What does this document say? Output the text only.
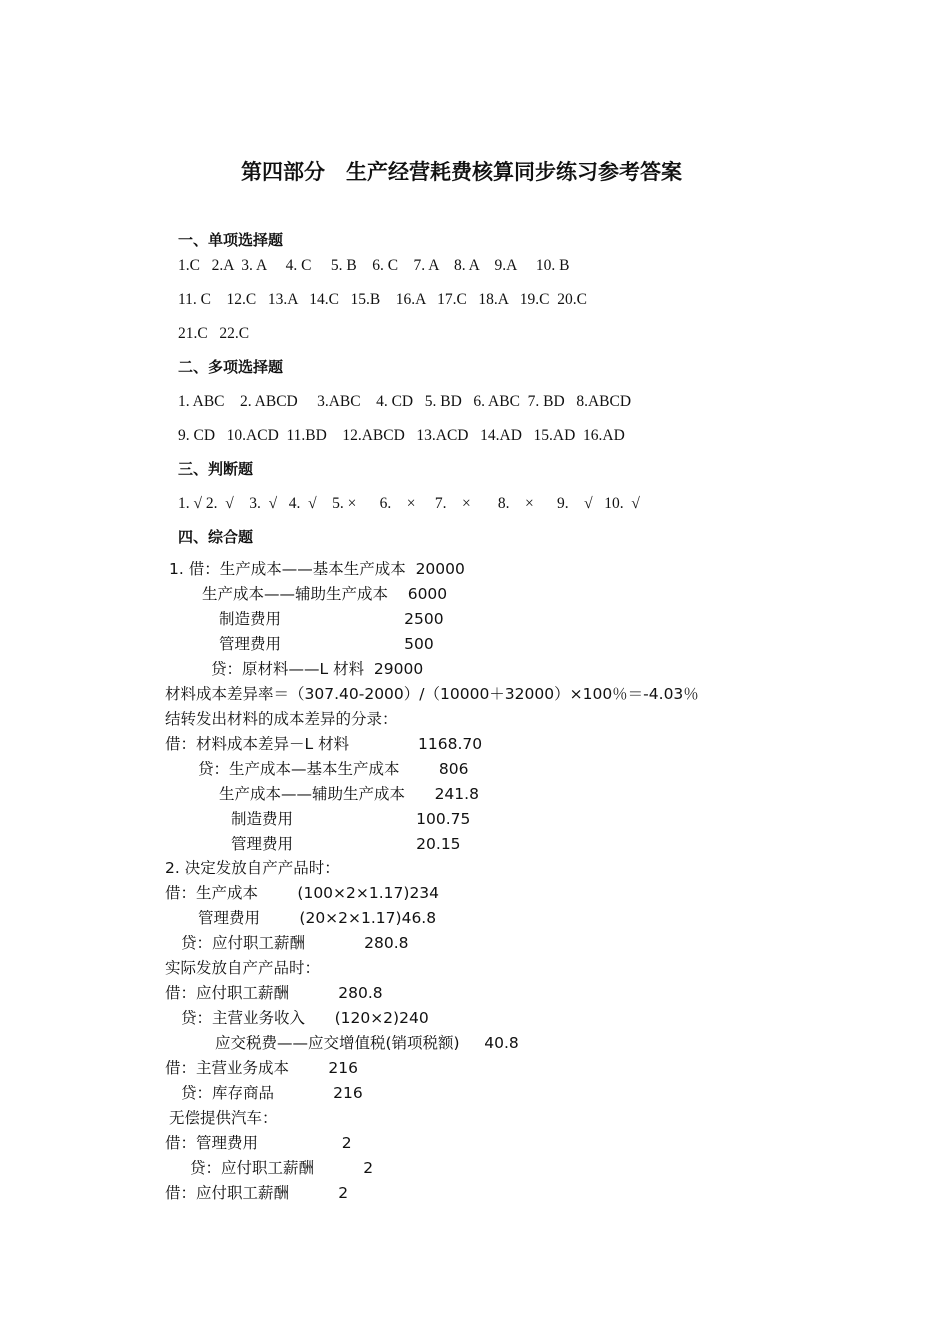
第四部分　生产经营耗费核算同步练习参考答案
一、单项选择题
1.C   2.A  3. A     4. C     5. B    6. C    7. A    8. A    9.A     10. B
11. C    12.C   13.A   14.C   15.B    16.A   17.C   18.A   19.C  20.C
21.C   22.C
二、多项选择题
1. ABC    2. ABCD     3.ABC    4. CD   5. BD   6. ABC  7. BD   8.ABCD
9. CD   10.ACD  11.BD    12.ABCD   13.ACD   14.AD   15.AD  16.AD
三、判断题
1. √ 2.  √    3.  √   4.  √    5. ×      6.    ×     7.    ×       8.    ×      9.    √   10.  √
四、综合题
1. 借：生产成本——基本生产成本  20000
生产成本——辅助生产成本    6000
制造费用                         2500
管理费用                         500
贷：原材料——L 材料  29000
材料成本差异率＝（307.40-2000）/（10000＋32000）×100％＝-4.03％
结转发出材料的成本差异的分录：
借：材料成本差异－L 材料              1168.70
贷：生产成本—基本生产成本        806
生产成本——辅助生产成本      241.8
制造费用                         100.75
管理费用                         20.15
2. 决定发放自产产品时：
借：生产成本        (100×2×1.17)234
管理费用        (20×2×1.17)46.8
贷：应付职工薪酬            280.8
实际发放自产产品时：
借：应付职工薪酬          280.8
贷：主营业务收入      (120×2)240
应交税费——应交增值税(销项税额)     40.8
借：主营业务成本        216
贷：库存商品            216
无偿提供汽车：
借：管理费用                 2
贷：应付职工薪酬          2
借：应付职工薪酬          2
